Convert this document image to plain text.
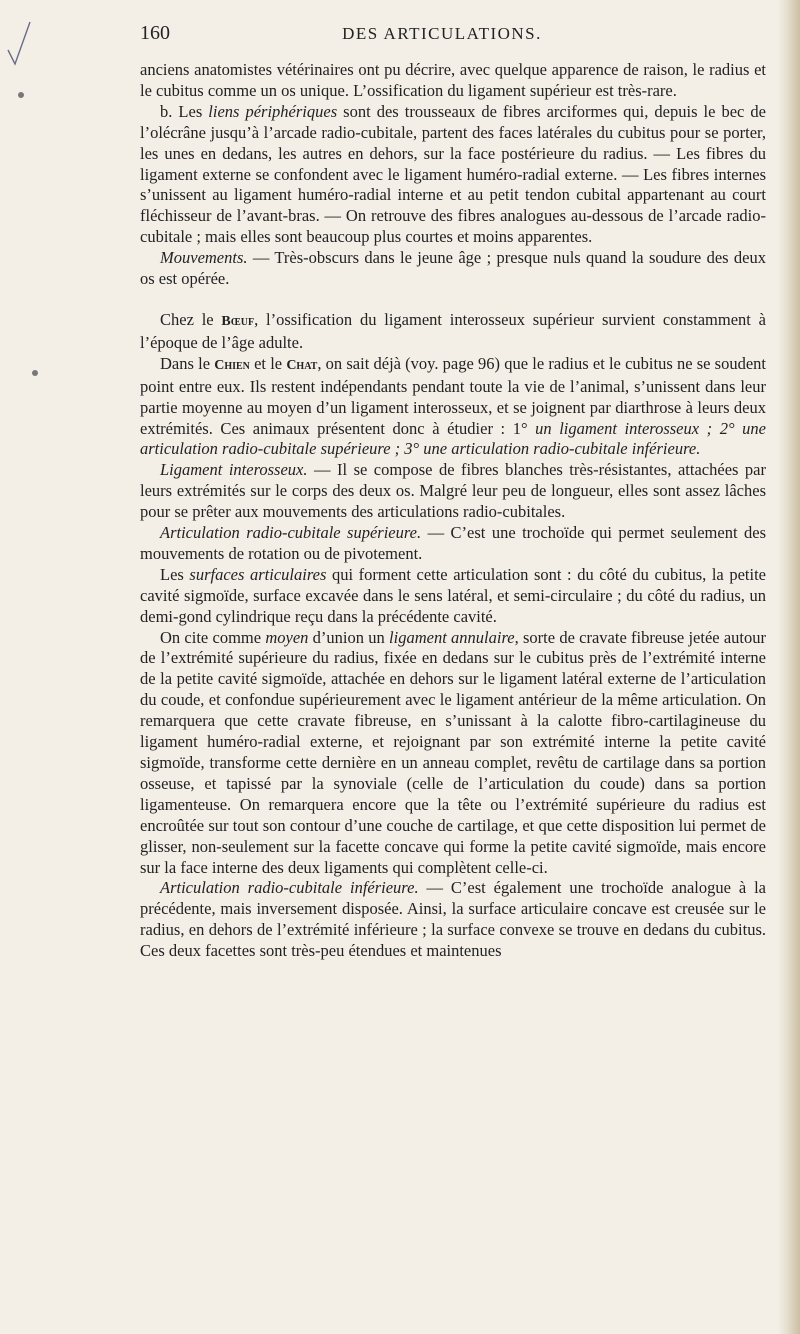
160	DES ARTICULATIONS.

anciens anatomistes vétérinaires ont pu décrire, avec quelque apparence de raison, le radius et le cubitus comme un os unique. L’ossification du ligament supérieur est très-rare.

b. Les liens périphériques sont des trousseaux de fibres arciformes qui, depuis le bec de l’olécrâne jusqu’à l’arcade radio-cubitale, partent des faces latérales du cubitus pour se porter, les unes en dedans, les autres en dehors, sur la face postérieure du radius. — Les fibres du ligament externe se confondent avec le ligament huméro-radial externe. — Les fibres internes s’unissent au ligament huméro-radial interne et au petit tendon cubital appartenant au court fléchisseur de l’avant-bras. — On retrouve des fibres analogues au-dessous de l’arcade radio-cubitale ; mais elles sont beaucoup plus courtes et moins apparentes.

Mouvements. — Très-obscurs dans le jeune âge ; presque nuls quand la soudure des deux os est opérée.

Chez le Bœuf, l’ossification du ligament interosseux supérieur survient constamment à l’époque de l’âge adulte.

Dans le Chien et le Chat, on sait déjà (voy. page 96) que le radius et le cubitus ne se soudent point entre eux. Ils restent indépendants pendant toute la vie de l’animal, s’unissent dans leur partie moyenne au moyen d’un ligament interosseux, et se joignent par diarthrose à leurs deux extrémités. Ces animaux présentent donc à étudier : 1° un ligament interosseux ; 2° une articulation radio-cubitale supérieure ; 3° une articulation radio-cubitale inférieure.

Ligament interosseux. — Il se compose de fibres blanches très-résistantes, attachées par leurs extrémités sur le corps des deux os. Malgré leur peu de longueur, elles sont assez lâches pour se prêter aux mouvements des articulations radio-cubitales.

Articulation radio-cubitale supérieure. — C’est une trochoïde qui permet seulement des mouvements de rotation ou de pivotement.

Les surfaces articulaires qui forment cette articulation sont : du côté du cubitus, la petite cavité sigmoïde, surface excavée dans le sens latéral, et semi-circulaire ; du côté du radius, un demi-gond cylindrique reçu dans la précédente cavité.

On cite comme moyen d’union un ligament annulaire, sorte de cravate fibreuse jetée autour de l’extrémité supérieure du radius, fixée en dedans sur le cubitus près de l’extrémité interne de la petite cavité sigmoïde, attachée en dehors sur le ligament latéral externe de l’articulation du coude, et confondue supérieurement avec le ligament antérieur de la même articulation. On remarquera que cette cravate fibreuse, en s’unissant à la calotte fibro-cartilagineuse du ligament huméro-radial externe, et rejoignant par son extrémité interne la petite cavité sigmoïde, transforme cette dernière en un anneau complet, revêtu de cartilage dans sa portion osseuse, et tapissé par la synoviale (celle de l’articulation du coude) dans sa portion ligamenteuse. On remarquera encore que la tête ou l’extrémité supérieure du radius est encroûtée sur tout son contour d’une couche de cartilage, et que cette disposition lui permet de glisser, non-seulement sur la facette concave qui forme la petite cavité sigmoïde, mais encore sur la face interne des deux ligaments qui complètent celle-ci.

Articulation radio-cubitale inférieure. — C’est également une trochoïde analogue à la précédente, mais inversement disposée. Ainsi, la surface articulaire concave est creusée sur le radius, en dehors de l’extrémité inférieure ; la surface convexe se trouve en dedans du cubitus. Ces deux facettes sont très-peu étendues et maintenues
